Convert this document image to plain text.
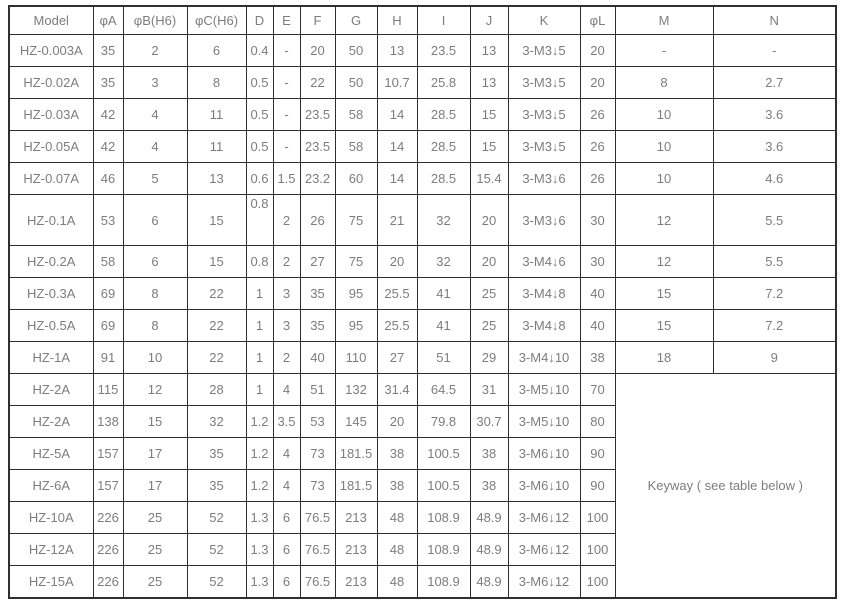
Model	φA	φB(H6)	φC(H6)	D	E	F	G	H	I	J	K	φL	M	N
HZ-0.003A	35	2	6	0.4	-	20	50	13	23.5	13	3-M3↓5	20	-	-
HZ-0.02A	35	3	8	0.5	-	22	50	10.7	25.8	13	3-M3↓5	20	8	2.7
HZ-0.03A	42	4	11	0.5	-	23.5	58	14	28.5	15	3-M3↓5	26	10	3.6
HZ-0.05A	42	4	11	0.5	-	23.5	58	14	28.5	15	3-M3↓5	26	10	3.6
HZ-0.07A	46	5	13	0.6	1.5	23.2	60	14	28.5	15.4	3-M3↓6	26	10	4.6
HZ-0.1A	53	6	15	0.8	2	26	75	21	32	20	3-M3↓6	30	12	5.5
HZ-0.2A	58	6	15	0.8	2	27	75	20	32	20	3-M4↓6	30	12	5.5
HZ-0.3A	69	8	22	1	3	35	95	25.5	41	25	3-M4↓8	40	15	7.2
HZ-0.5A	69	8	22	1	3	35	95	25.5	41	25	3-M4↓8	40	15	7.2
HZ-1A	91	10	22	1	2	40	110	27	51	29	3-M4↓10	38	18	9
HZ-2A	115	12	28	1	4	51	132	31.4	64.5	31	3-M5↓10	70	Keyway ( see table below )	
HZ-2A	138	15	32	1.2	3.5	53	145	20	79.8	30.7	3-M5↓10	80		
HZ-5A	157	17	35	1.2	4	73	181.5	38	100.5	38	3-M6↓10	90		
HZ-6A	157	17	35	1.2	4	73	181.5	38	100.5	38	3-M6↓10	90		
HZ-10A	226	25	52	1.3	6	76.5	213	48	108.9	48.9	3-M6↓12	100		
HZ-12A	226	25	52	1.3	6	76.5	213	48	108.9	48.9	3-M6↓12	100		
HZ-15A	226	25	52	1.3	6	76.5	213	48	108.9	48.9	3-M6↓12	100		
